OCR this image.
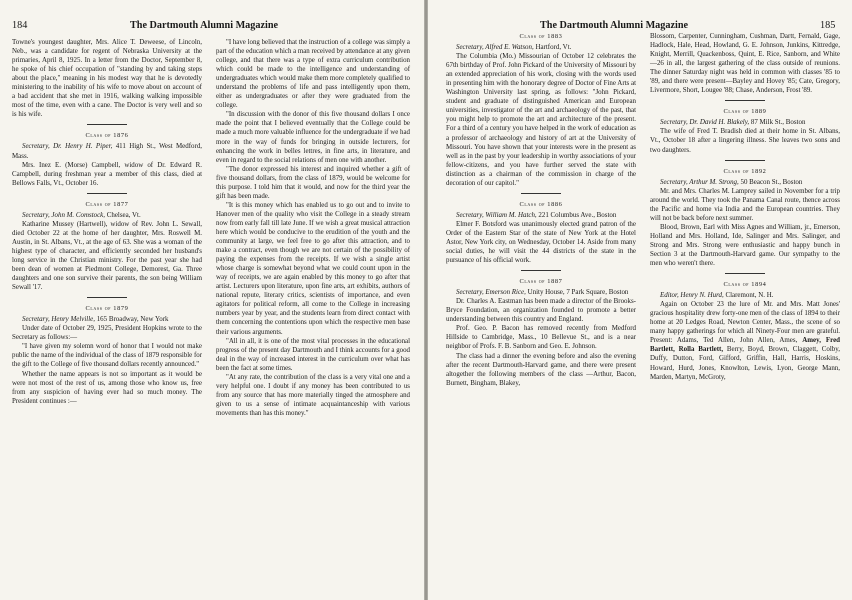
184	The Dartmouth Alumni Magazine

Towne's youngest daughter, Mrs. Alice T. Deweese, of Lincoln, Neb., was a candidate for regent of Nebraska University at the primaries, April 8, 1925. In a letter from the Doctor, September 8, he spoke of his chief occupation of "standing by and taking steps about the place," meaning in his modest way that he is devotedly ministering to the inability of his wife to move about on account of a bad accident that she met in 1916, walking walking impossible most of the time, even with a cane. The Doctor is very well and so is his wife.

Class of 1876

Secretary, Dr. Henry H. Piper, 411 High St., West Medford, Mass.

Mrs. Inez E. (Morse) Campbell, widow of Dr. Edward R. Campbell, during freshman year a member of this class, died at Bellows Falls, Vt., October 16.

Class of 1877

Secretary, John M. Comstock, Chelsea, Vt.

Katharine Mussey (Hartwell), widow of Rev. John L. Sewall, died October 22 at the home of her daughter, Mrs. Roswell M. Austin, in St. Albans, Vt., at the age of 63. She was a woman of the highest type of character, and efficiently seconded her husband's long service in the Christian ministry. For the past year she had been dean of women at Piedmont College, Demorest, Ga. Three daughters and one son survive their parents, the son being William Sewall '17.

Class of 1879

Secretary, Henry Melville, 165 Broadway, New York

Under date of October 29, 1925, President Hopkins wrote to the Secretary as follows:—

"I have given my solemn word of honor that I would not make public the name of the individual of the class of 1879 responsible for the gift to the College of five thousand dollars recently announced."

Whether the name appears is not so important as it would be were not most of the rest of us, among those who know us, free from any suspicion of having ever had so much money. The President continues :—

"I have long believed that the instruction of a college was simply a part of the education which a man received by attendance at any given college, and that there was a type of extra curriculum contribution which could be made to the intelligence and understanding of undergraduates which would make them more completely qualified to understand the problems of life and pass intelligently upon them, either as undergraduates or after they were graduated from the college.

"In discussion with the donor of this five thousand dollars I once made the point that I believed eventually that the College could be made a much more valuable influence for the undergraduate if we had more in the way of funds for bringing in outside lecturers, for enhancing the work in belles lettres, in fine arts, in literature, and even in regard to the social relations of men one with another.

"The donor expressed his interest and inquired whether a gift of five thousand dollars, from the class of 1879, would be welcome for this purpose. I told him that it would, and now for the third year the gift has been made.

"It is this money which has enabled us to go out and to invite to Hanover men of the quality who visit the College in a steady stream now from early fall till late June. If we wish a great musical attraction here which would be conducive to the erudition of the youth and the community at large, we feel free to go after this attraction, and to make a contract, even though we are not certain of the possibility of paying the expenses from the receipts. If we wish a single artist whose charge is somewhat beyond what we could count upon in the way of receipts, we are again enabled by this money to go after that artist. Lecturers upon literature, upon fine arts, art exhibits, authors of national repute, literary critics, scientists of importance, and even agitators for political reform, all come to the College in increasing numbers year by year, and the students learn from direct contact with them concerning the contentions upon which the respective men base their various arguments.

"All in all, it is one of the most vital processes in the educational progress of the present day Dartmouth and I think accounts for a good deal in the way of increased interest in the curriculum over what has been the fact at some times.

"At any rate, the contribution of the class is a very vital one and a very helpful one. I doubt if any money has been contributed to us from any source that has more materially tinged the atmosphere and given to us a sense of intimate acquaintanceship with various movements than has this money."

The Dartmouth Alumni Magazine	185
Class of 1883

Secretary, Alfred E. Watson, Hartford, Vt.

The Columbia (Mo.) Missourian of October 12 celebrates the 67th birthday of Prof. John Pickard of the University of Missouri by an extended appreciation of his work, closing with the words used in presenting him with the honorary degree of Doctor of Fine Arts at Washington University last spring, as follows: "John Pickard, student and graduate of distinguished American and European universities, investigator of the art and archaeology of the past, that you might help to promote the art and architecture of the present. For a third of a century you have helped in the work of education as a professor of archaeology and history of art at the University of Missouri. You have shown that your interests were in the present as well as in the past by your leadership in worthy associations of your fellow-citizens, and you have further served the state with distinction as a chairman of the commission in charge of the decoration of our capitol."

Class of 1886

Secretary, William M. Hatch, 221 Columbus Ave., Boston

Elmer F. Botsford was unanimously elected grand patron of the Order of the Eastern Star of the state of New York at the Hotel Astor, New York city, on Wednesday, October 14. Aside from many social duties, he will visit the 44 districts of the state in the pursuance of his official work.

Class of 1887

Secretary, Emerson Rice, Unity House, 7 Park Square, Boston

Dr. Charles A. Eastman has been made a director of the Brooks-Bryce Foundation, an organization founded to promote a better understanding between this country and England.

Prof. Geo. P. Bacon has removed recently from Medford Hillside to Cambridge, Mass., 10 Bellevue St., and is a near neighbor of Profs. F. B. Sanborn and Geo. E. Johnson.

The class had a dinner the evening before and also the evening after the recent Dartmouth-Harvard game, and there were present altogether the following members of the class —Arthur, Bacon, Burnett, Bingham, Blakey,

Blossom, Carpenter, Cunningham, Cushman, Dartt, Fernald, Gage, Hadlock, Hale, Head, Howland, G. E. Johnson, Junkins, Kittredge, Knight, Merrill, Quackenboss, Quint, E. Rice, Sanborn, and White—26 in all, the largest gathering of the class outside of reunions. The dinner Saturday night was held in common with classes '85 to '89, and there were present—Bayley and Hovey '85; Cate, Gregory, Livermore, Short, Lougee '88; Chase, Anderson, Frost '89.

Class of 1889

Secretary, Dr. David H. Blakely, 87 Milk St., Boston

The wife of Fred T. Bradish died at their home in St. Albans, Vt., October 18 after a lingering illness. She leaves two sons and two daughters.

Class of 1892

Secretary, Arthur M. Strong, 50 Beacon St., Boston

Mr. and Mrs. Charles M. Lamprey sailed in November for a trip around the world. They took the Panama Canal route, thence across the Pacific and home via India and the European countries. They will not be back before next summer.

Blood, Brown, Earl with Miss Agnes and William, jr., Emerson, Holland and Mrs. Holland, Ide, Salinger and Mrs. Salinger, and Strong and Mrs. Strong were enthusiastic and happy bunch in Section 3 at the Dartmouth-Harvard game. Our sympathy to the men who weren't there.

Class of 1894

Editor, Henry N. Hurd, Claremont, N. H.

Again on October 23 the lure of Mr. and Mrs. Matt Jones' gracious hospitality drew forty-one men of the class of 1894 to their home at 20 Ledges Road, Newton Center, Mass., the scene of so many happy gatherings for which all Ninety-Four men are grateful. Present: Adams, Ted Allen, John Allen, Ames, Amey, Fred Bartlett, Rolla Bartlett, Berry, Boyd, Brown, Claggett, Colby, Duffy, Dutton, Ford, Gifford, Griffin, Hall, Harris, Hoskins, Howard, Hurd, Jones, Knowlton, Lewis, Lyon, George Mann, Marden, Martyn, McGroty,
